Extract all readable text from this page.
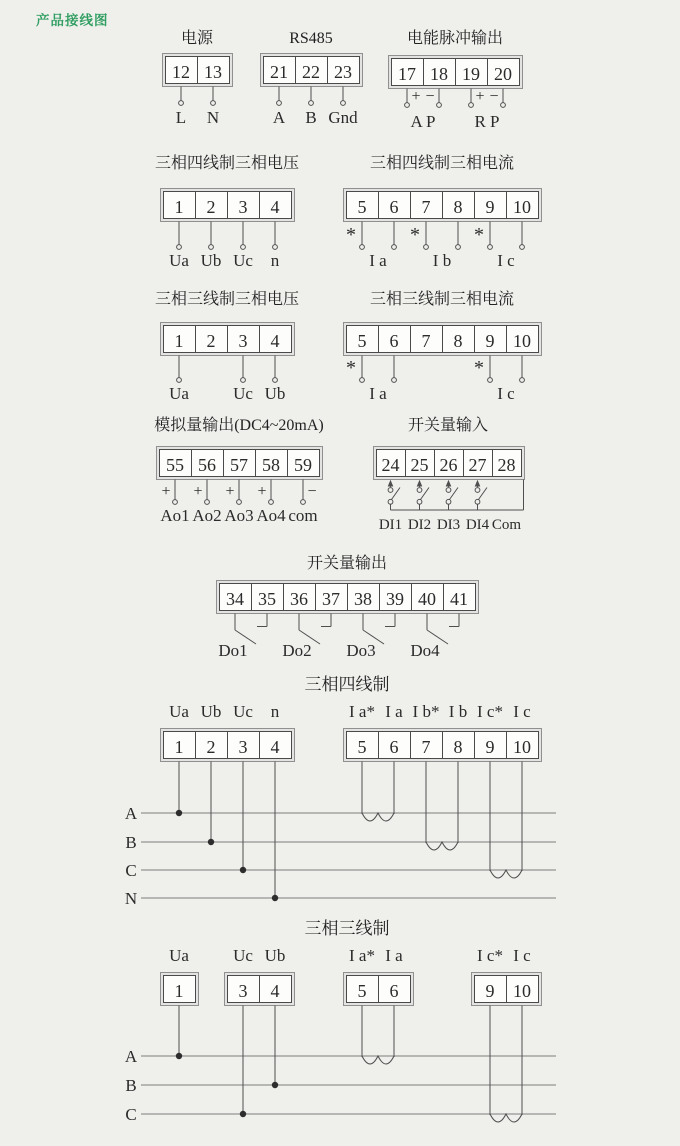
产品接线图
电源
12 13
L N
RS485
21 22 23
A B Gnd
电能脉冲输出
17 18 19 20
+ −	+ −
A P R P
三相四线制三相电压
1 2 3 4
Ua Ub Uc n
三相四线制三相电流
5 6 7 8 9 10
*	*	*
I a	I b	I c
三相三线制三相电压
1 2 3 4
Ua	Uc Ub
三相三线制三相电流
5 6 7 8 9 10
*	*
I a	I c
模拟量输出(DC4~20mA)
55 56 57 58 59
Ao1
+
Ao2
+
Ao3
+
Ao4
+
com
−
开关量输入
24 25 26 27 28
DI1 DI2 DI3 DI4 Com
开关量输出
34 35 36 37 38 39 40 41
Do1 Do2 Do3 Do4
三相四线制
A
B
C
N
1 2 3 4
Ua Ub Uc n
5 6 7 8 9 10
I a* I a I b* I b I c* I c
三相三线制
A
B
C
1
Ua
3 4
Uc Ub
5 6
I a* I a
9 10
I c* I c
